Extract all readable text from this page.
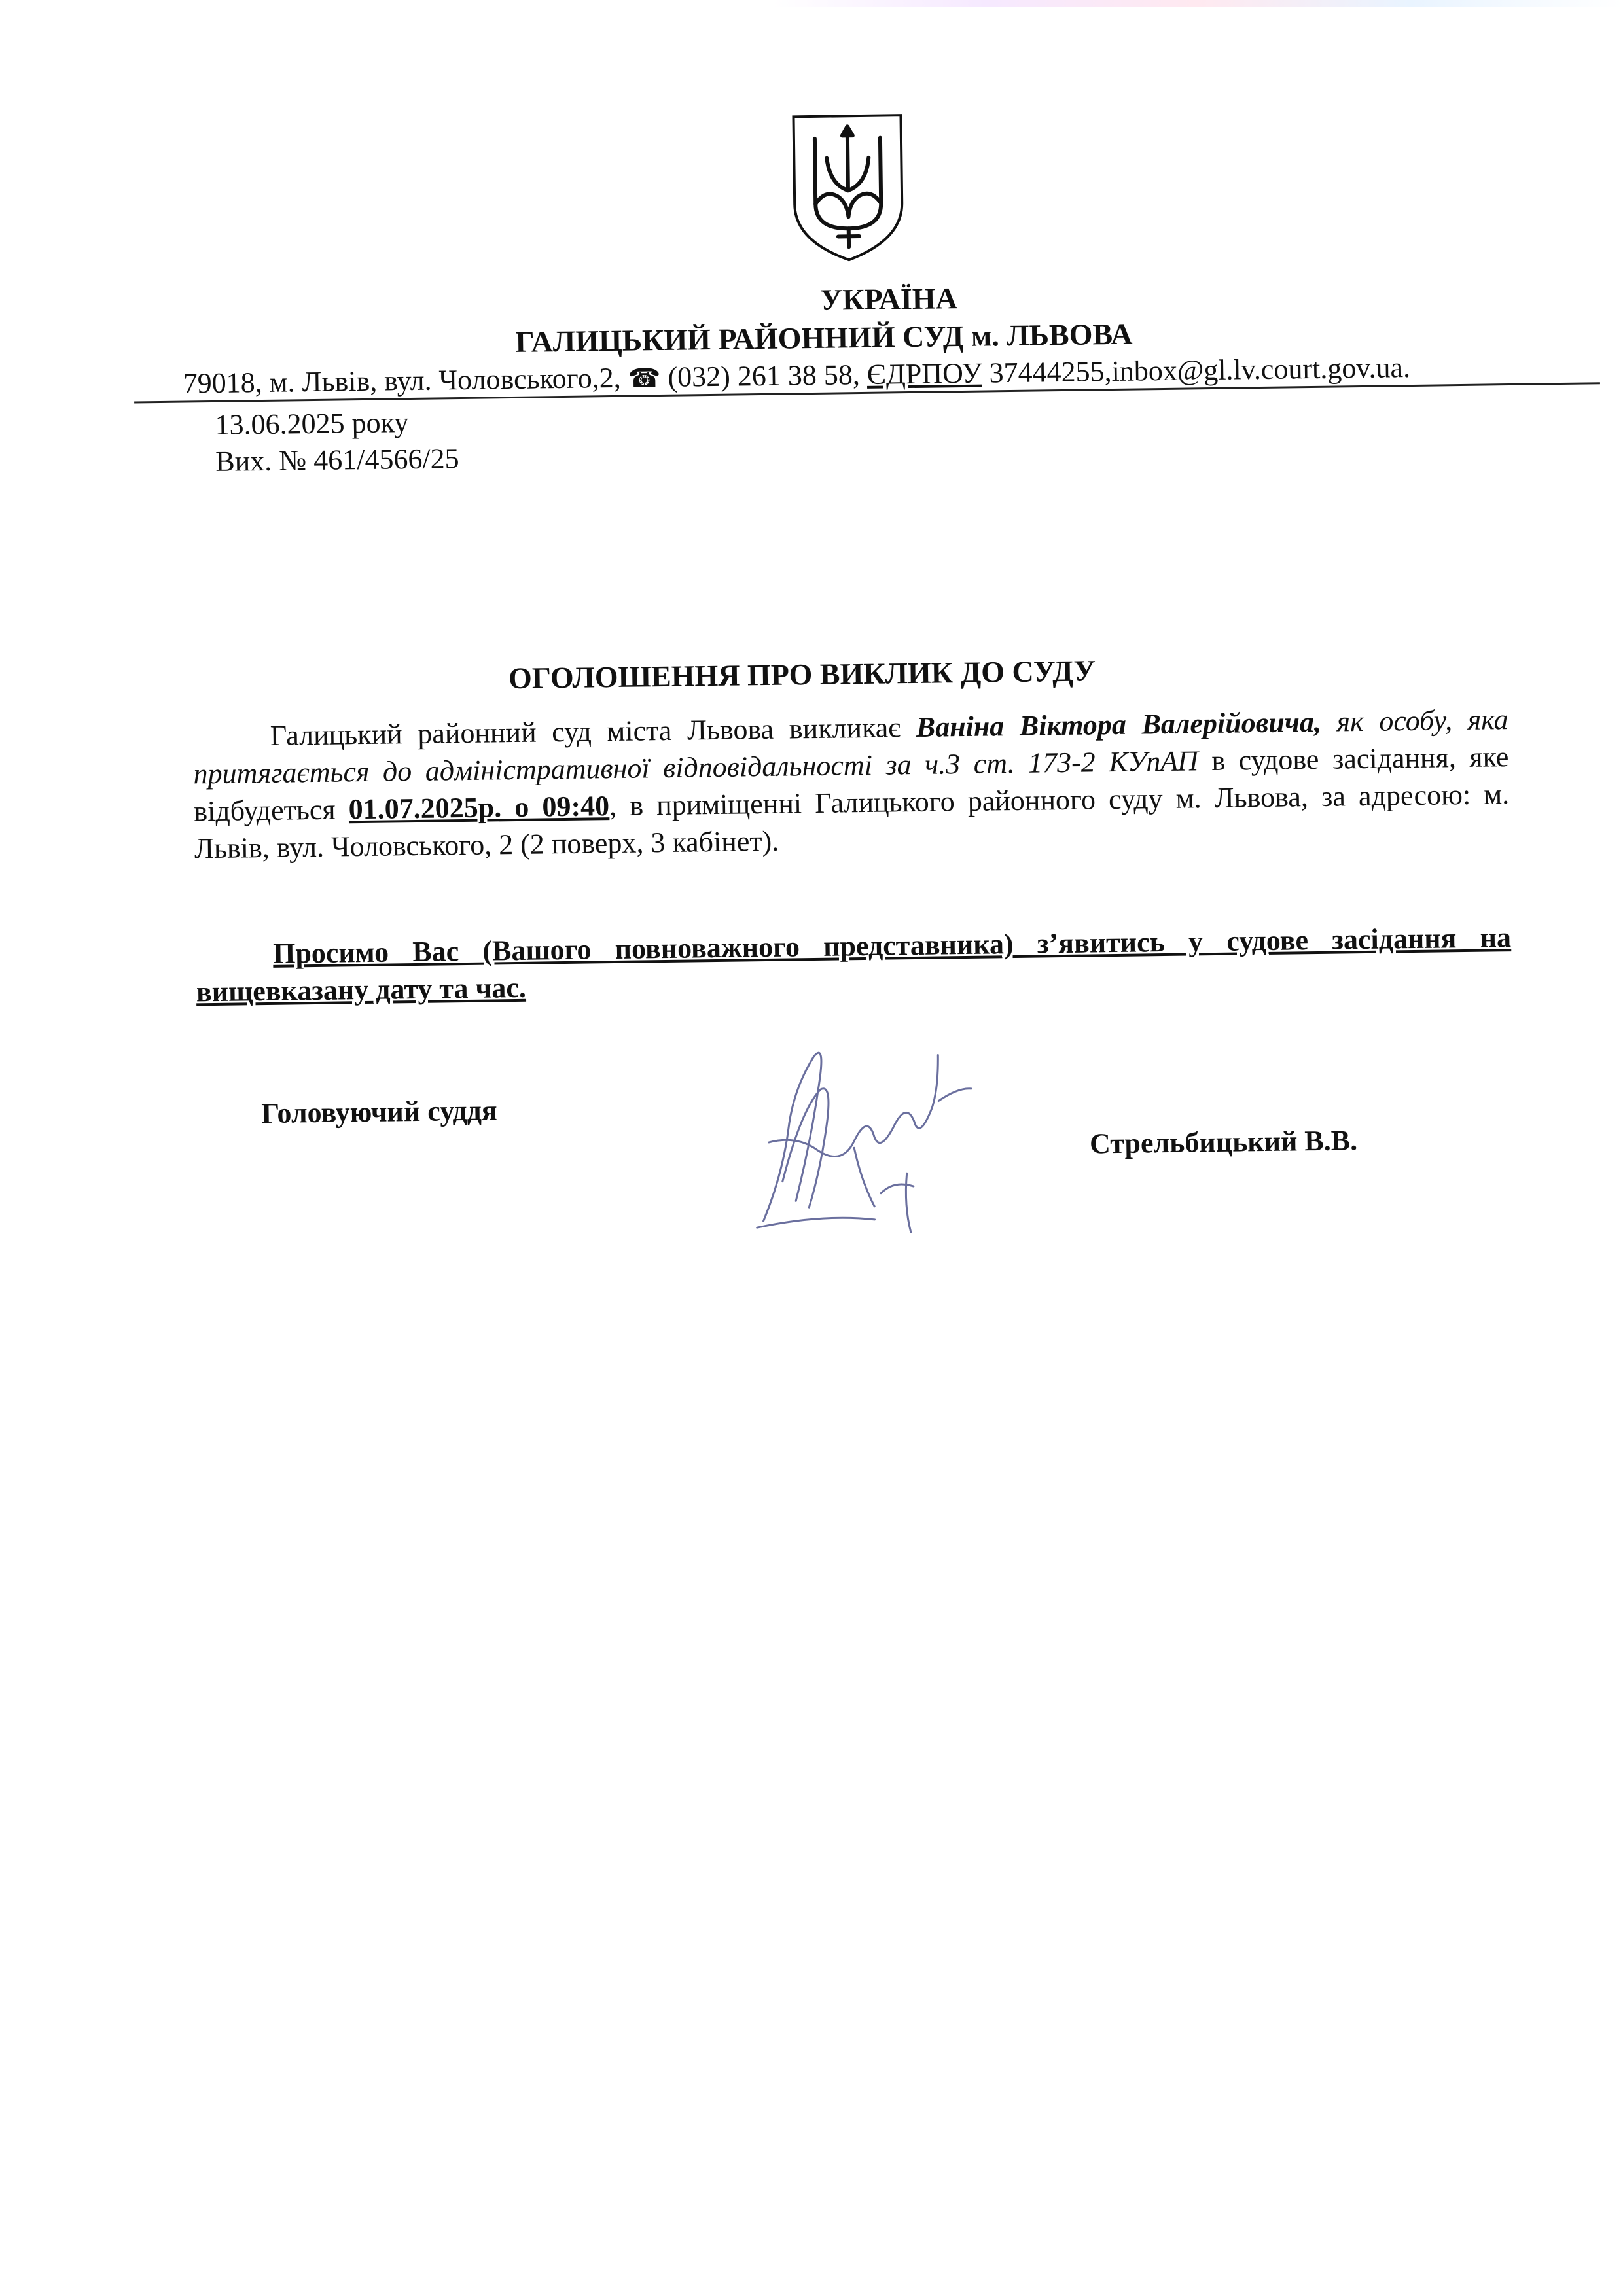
УКРАЇНА
ГАЛИЦЬКИЙ РАЙОННИЙ СУД м. ЛЬВОВА
79018, м. Львів, вул. Чоловського,2, ☎ (032) 261 38 58, ЄДРПОУ 37444255,inbox@gl.lv.court.gov.ua.
13.06.2025 року
Вих. № 461/4566/25
ОГОЛОШЕННЯ ПРО ВИКЛИК ДО СУДУ
Галицький районний суд міста Львова викликає Ваніна Віктора Валерійовича, як особу, яка притягається до адміністративної відповідальності за ч.3 ст. 173-2 КУпАП в судове засідання, яке відбудеться 01.07.2025р. о 09:40, в приміщенні Галицького районного суду м. Львова, за адресою: м. Львів, вул. Чоловського, 2 (2 поверх, 3 кабінет).
Просимо Вас (Вашого повноважного представника) з’явитись у судове засідання на вищевказану дату та час.
Головуючий суддя
Стрельбицький В.В.
